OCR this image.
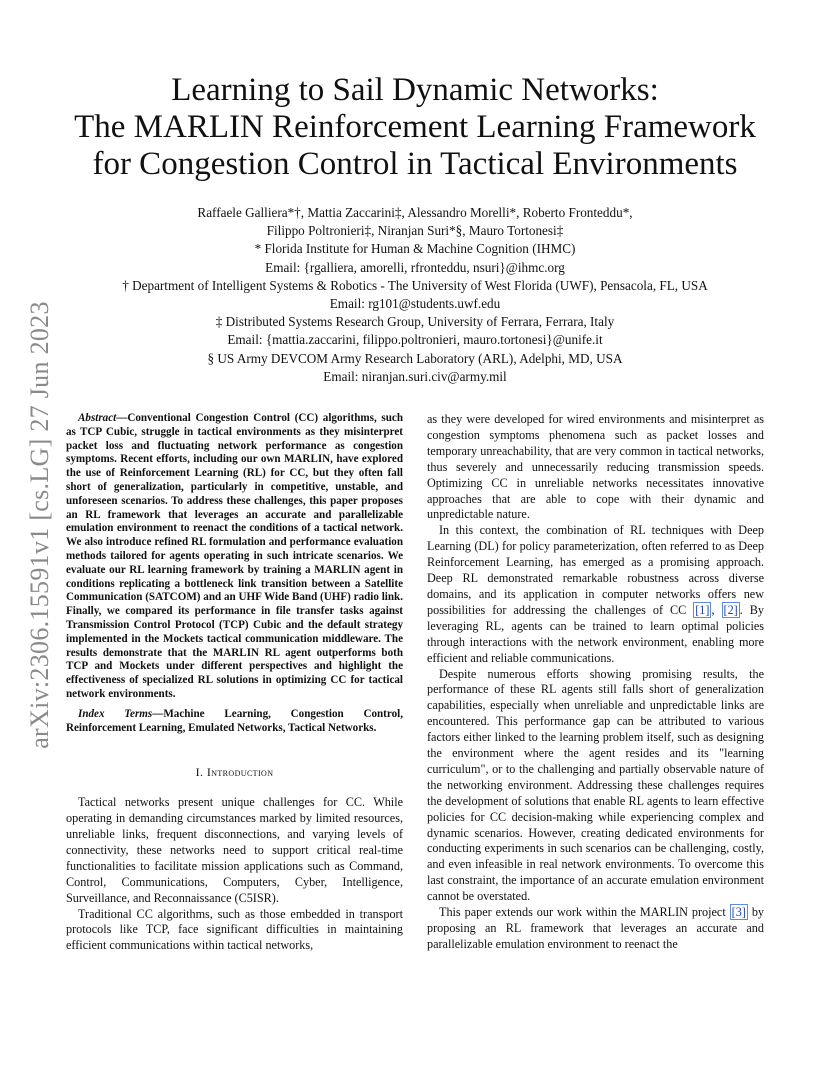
arXiv:2306.15591v1 [cs.LG] 27 Jun 2023
Learning to Sail Dynamic Networks:
The MARLIN Reinforcement Learning Framework
for Congestion Control in Tactical Environments
Raffaele Galliera*†, Mattia Zaccarini‡, Alessandro Morelli*, Roberto Fronteddu*,
Filippo Poltronieri‡, Niranjan Suri*§, Mauro Tortonesi‡
* Florida Institute for Human & Machine Cognition (IHMC)
Email: {rgalliera, amorelli, rfronteddu, nsuri}@ihmc.org
† Department of Intelligent Systems & Robotics - The University of West Florida (UWF), Pensacola, FL, USA
Email: rg101@students.uwf.edu
‡ Distributed Systems Research Group, University of Ferrara, Ferrara, Italy
Email: {mattia.zaccarini, filippo.poltronieri, mauro.tortonesi}@unife.it
§ US Army DEVCOM Army Research Laboratory (ARL), Adelphi, MD, USA
Email: niranjan.suri.civ@army.mil

Abstract—Conventional Congestion Control (CC) algorithms, such as TCP Cubic, struggle in tactical environments as they misinterpret packet loss and fluctuating network performance as congestion symptoms. Recent efforts, including our own MARLIN, have explored the use of Reinforcement Learning (RL) for CC, but they often fall short of generalization, particularly in competitive, unstable, and unforeseen scenarios. To address these challenges, this paper proposes an RL framework that leverages an accurate and parallelizable emulation environment to reenact the conditions of a tactical network. We also introduce refined RL formulation and performance evaluation methods tailored for agents operating in such intricate scenarios. We evaluate our RL learning framework by training a MARLIN agent in conditions replicating a bottleneck link transition between a Satellite Communication (SATCOM) and an UHF Wide Band (UHF) radio link. Finally, we compared its performance in file transfer tasks against Transmission Control Protocol (TCP) Cubic and the default strategy implemented in the Mockets tactical communication middleware. The results demonstrate that the MARLIN RL agent outperforms both TCP and Mockets under different perspectives and highlight the effectiveness of specialized RL solutions in optimizing CC for tactical network environments.

Index Terms—Machine Learning, Congestion Control, Reinforcement Learning, Emulated Networks, Tactical Networks.

I. Introduction

Tactical networks present unique challenges for CC. While operating in demanding circumstances marked by limited resources, unreliable links, frequent disconnections, and varying levels of connectivity, these networks need to support critical real-time functionalities to facilitate mission applications such as Command, Control, Communications, Computers, Cyber, Intelligence, Surveillance, and Reconnaissance (C5ISR).

Traditional CC algorithms, such as those embedded in transport protocols like TCP, face significant difficulties in maintaining efficient communications within tactical networks,

as they were developed for wired environments and misinterpret as congestion symptoms phenomena such as packet losses and temporary unreachability, that are very common in tactical networks, thus severely and unnecessarily reducing transmission speeds. Optimizing CC in unreliable networks necessitates innovative approaches that are able to cope with their dynamic and unpredictable nature.

In this context, the combination of RL techniques with Deep Learning (DL) for policy parameterization, often referred to as Deep Reinforcement Learning, has emerged as a promising approach. Deep RL demonstrated remarkable robustness across diverse domains, and its application in computer networks offers new possibilities for addressing the challenges of CC [1] , [2] . By leveraging RL, agents can be trained to learn optimal policies through interactions with the network environment, enabling more efficient and reliable communications.

Despite numerous efforts showing promising results, the performance of these RL agents still falls short of generalization capabilities, especially when unreliable and unpredictable links are encountered. This performance gap can be attributed to various factors either linked to the learning problem itself, such as designing the environment where the agent resides and its "learning curriculum", or to the challenging and partially observable nature of the networking environment. Addressing these challenges requires the development of solutions that enable RL agents to learn effective policies for CC decision-making while experiencing complex and dynamic scenarios. However, creating dedicated environments for conducting experiments in such scenarios can be challenging, costly, and even infeasible in real network environments. To overcome this last constraint, the importance of an accurate emulation environment cannot be overstated.

This paper extends our work within the MARLIN project [3] by proposing an RL framework that leverages an accurate and parallelizable emulation environment to reenact the
